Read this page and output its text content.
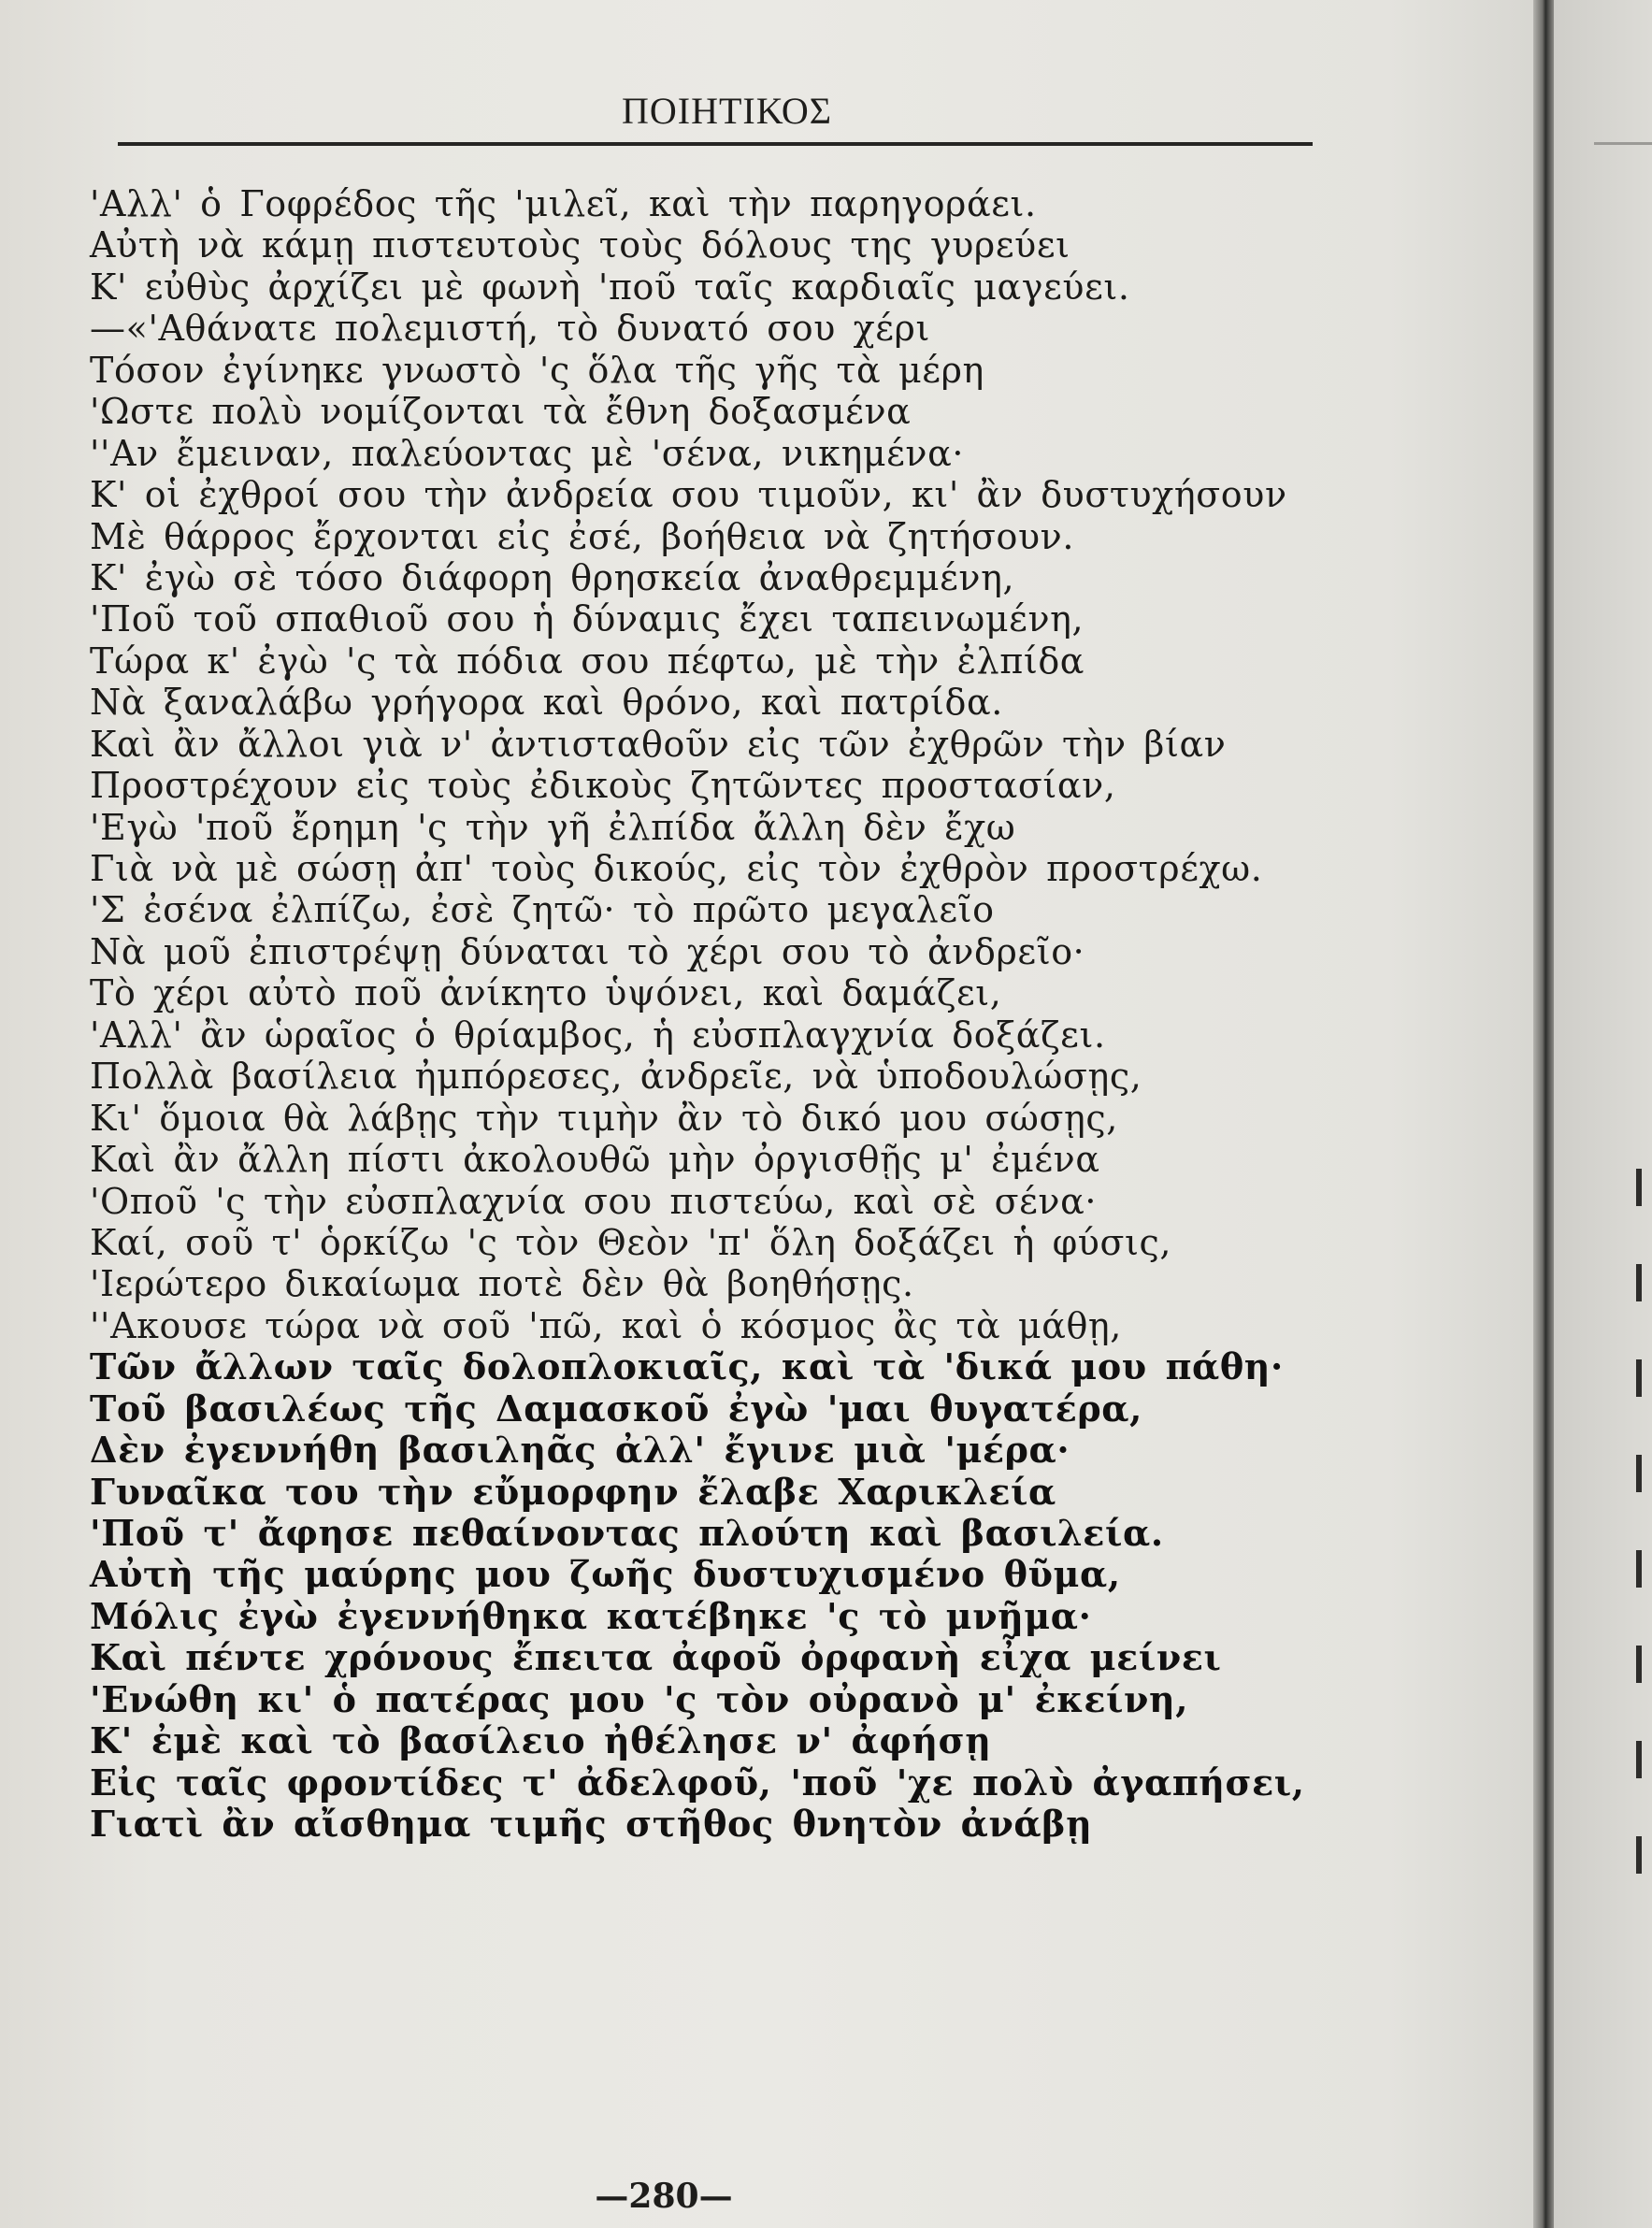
ΠΟΙΗΤΙΚΟΣ
'Αλλ' ὁ Γοφρέδος τῆς 'μιλεῖ, καὶ τὴν παρηγοράει.
Αὐτὴ νὰ κάμῃ πιστευτοὺς τοὺς δόλους της γυρεύει
Κ' εὐθὺς ἀρχίζει μὲ φωνὴ 'ποῦ ταῖς καρδιαῖς μαγεύει.
—«'Αθάνατε πολεμιστή, τὸ δυνατό σου χέρι
Τόσον ἐγίνηκε γνωστὸ 'ς ὅλα τῆς γῆς τὰ μέρη
'Ωστε πολὺ νομίζονται τὰ ἔθνη δοξασμένα
''Αν ἔμειναν, παλεύοντας μὲ 'σένα, νικημένα·
Κ' οἱ ἐχθροί σου τὴν ἀνδρεία σου τιμοῦν, κι' ἂν δυστυχήσουν
Μὲ θάρρος ἔρχονται εἰς ἐσέ, βοήθεια νὰ ζητήσουν.
Κ' ἐγὼ σὲ τόσο διάφορη θρησκεία ἀναθρεμμένη,
'Ποῦ τοῦ σπαθιοῦ σου ἡ δύναμις ἔχει ταπεινωμένη,
Τώρα κ' ἐγὼ 'ς τὰ πόδια σου πέφτω, μὲ τὴν ἐλπίδα
Νὰ ξαναλάβω γρήγορα καὶ θρόνο, καὶ πατρίδα.
Καὶ ἂν ἄλλοι γιὰ ν' ἀντισταθοῦν εἰς τῶν ἐχθρῶν τὴν βίαν
Προστρέχουν εἰς τοὺς ἐδικοὺς ζητῶντες προστασίαν,
'Εγὼ 'ποῦ ἔρημη 'ς τὴν γῆ ἐλπίδα ἄλλη δὲν ἔχω
Γιὰ νὰ μὲ σώσῃ ἀπ' τοὺς δικούς, εἰς τὸν ἐχθρὸν προστρέχω.
'Σ ἐσένα ἐλπίζω, ἐσὲ ζητῶ· τὸ πρῶτο μεγαλεῖο
Νὰ μοῦ ἐπιστρέψῃ δύναται τὸ χέρι σου τὸ ἀνδρεῖο·
Τὸ χέρι αὐτὸ ποῦ ἀνίκητο ὑψόνει, καὶ δαμάζει,
'Αλλ' ἂν ὡραῖος ὁ θρίαμβος, ἡ εὐσπλαγχνία δοξάζει.
Πολλὰ βασίλεια ἠμπόρεσες, ἀνδρεῖε, νὰ ὑποδουλώσῃς,
Κι' ὅμοια θὰ λάβῃς τὴν τιμὴν ἂν τὸ δικό μου σώσῃς,
Καὶ ἂν ἄλλη πίστι ἀκολουθῶ μὴν ὀργισθῇς μ' ἐμένα
'Οποῦ 'ς τὴν εὐσπλαχνία σου πιστεύω, καὶ σὲ σένα·
Καί, σοῦ τ' ὁρκίζω 'ς τὸν Θεὸν 'π' ὅλη δοξάζει ἡ φύσις,
'Ιερώτερο δικαίωμα ποτὲ δὲν θὰ βοηθήσῃς.
''Ακουσε τώρα νὰ σοῦ 'πῶ, καὶ ὁ κόσμος ἂς τὰ μάθῃ,
Τῶν ἄλλων ταῖς δολοπλοκιαῖς, καὶ τὰ 'δικά μου πάθη·
Τοῦ βασιλέως τῆς Δαμασκοῦ ἐγὼ 'μαι θυγατέρα,
Δὲν ἐγεννήθη βασιληᾶς ἀλλ' ἔγινε μιὰ 'μέρα·
Γυναῖκα του τὴν εὔμορφην ἔλαβε Χαρικλεία
'Ποῦ τ' ἄφησε πεθαίνοντας πλούτη καὶ βασιλεία.
Αὐτὴ τῆς μαύρης μου ζωῆς δυστυχισμένο θῦμα,
Μόλις ἐγὼ ἐγεννήθηκα κατέβηκε 'ς τὸ μνῆμα·
Καὶ πέντε χρόνους ἔπειτα ἀφοῦ ὀρφανὴ εἶχα μείνει
'Ενώθη κι' ὁ πατέρας μου 'ς τὸν οὐρανὸ μ' ἐκείνη,
Κ' ἐμὲ καὶ τὸ βασίλειο ἠθέλησε ν' ἀφήσῃ
Εἰς ταῖς φροντίδες τ' ἀδελφοῦ, 'ποῦ 'χε πολὺ ἀγαπήσει,
Γιατὶ ἂν αἴσθημα τιμῆς στῆθος θνητὸν ἀνάβῃ
—280—
